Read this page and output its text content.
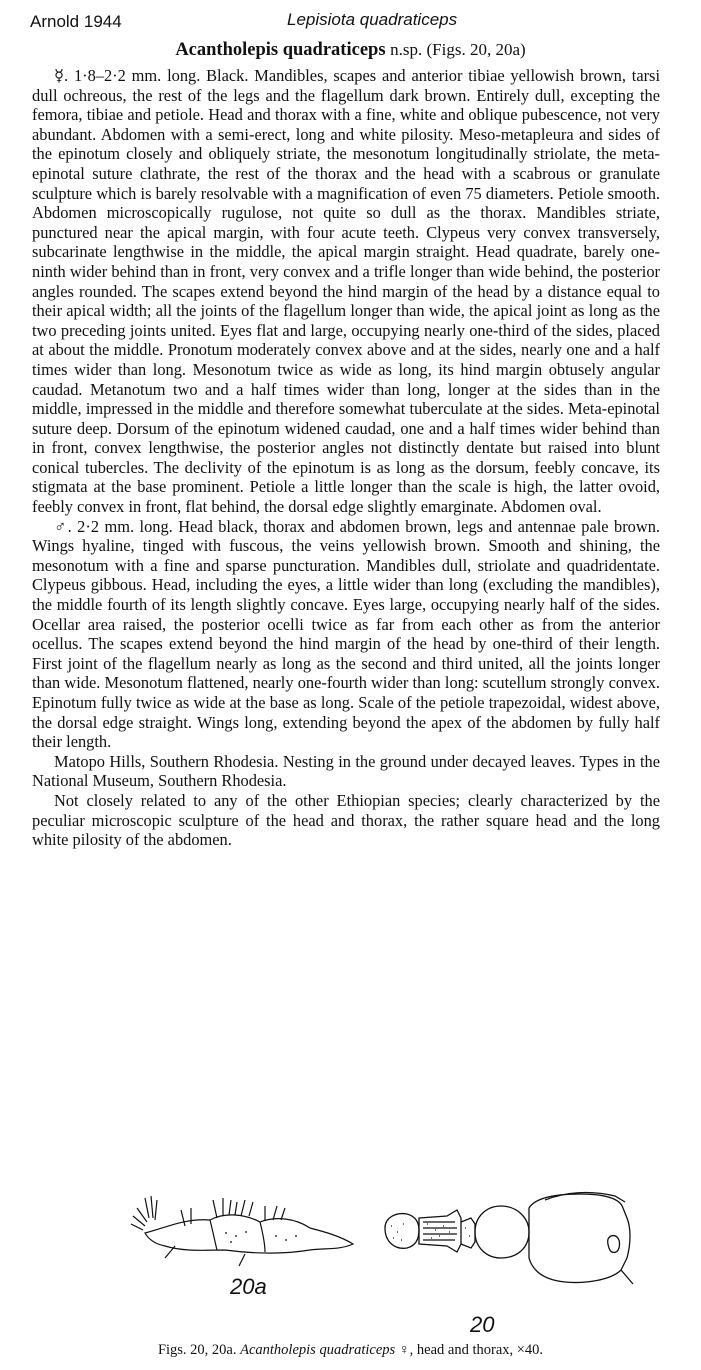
Arnold 1944	Lepisiota quadraticeps
Acantholepis quadraticeps n.sp. (Figs. 20, 20a)

☿. 1·8–2·2 mm. long. Black. Mandibles, scapes and anterior tibiae yellowish brown, tarsi dull ochreous, the rest of the legs and the flagellum dark brown. Entirely dull, excepting the femora, tibiae and petiole. Head and thorax with a fine, white and oblique pubescence, not very abundant. Abdomen with a semi-erect, long and white pilosity. Meso-metapleura and sides of the epinotum closely and obliquely striate, the mesonotum longitudinally striolate, the meta-epinotal suture clathrate, the rest of the thorax and the head with a scabrous or granulate sculpture which is barely resolvable with a magnification of even 75 diameters. Petiole smooth. Abdomen microscopically rugulose, not quite so dull as the thorax. Mandibles striate, punctured near the apical margin, with four acute teeth. Clypeus very convex transversely, subcarinate lengthwise in the middle, the apical margin straight. Head quadrate, barely one-ninth wider behind than in front, very convex and a trifle longer than wide behind, the posterior angles rounded. The scapes extend beyond the hind margin of the head by a distance equal to their apical width; all the joints of the flagellum longer than wide, the apical joint as long as the two preceding joints united. Eyes flat and large, occupying nearly one-third of the sides, placed at about the middle. Pronotum moderately convex above and at the sides, nearly one and a half times wider than long. Mesonotum twice as wide as long, its hind margin obtusely angular caudad. Metanotum two and a half times wider than long, longer at the sides than in the middle, impressed in the middle and therefore somewhat tuberculate at the sides. Meta-epinotal suture deep. Dorsum of the epinotum widened caudad, one and a half times wider behind than in front, convex lengthwise, the posterior angles not distinctly dentate but raised into blunt conical tubercles. The declivity of the epinotum is as long as the dorsum, feebly concave, its stigmata at the base prominent. Petiole a little longer than the scale is high, the latter ovoid, feebly convex in front, flat behind, the dorsal edge slightly emarginate. Abdomen oval.

♂. 2·2 mm. long. Head black, thorax and abdomen brown, legs and antennae pale brown. Wings hyaline, tinged with fuscous, the veins yellowish brown. Smooth and shining, the mesonotum with a fine and sparse puncturation. Mandibles dull, striolate and quadridentate. Clypeus gibbous. Head, including the eyes, a little wider than long (excluding the mandibles), the middle fourth of its length slightly concave. Eyes large, occupying nearly half of the sides. Ocellar area raised, the posterior ocelli twice as far from each other as from the anterior ocellus. The scapes extend beyond the hind margin of the head by one-third of their length. First joint of the flagellum nearly as long as the second and third united, all the joints longer than wide. Mesonotum flattened, nearly one-fourth wider than long: scutellum strongly convex. Epinotum fully twice as wide at the base as long. Scale of the petiole trapezoidal, widest above, the dorsal edge straight. Wings long, extending beyond the apex of the abdomen by fully half their length.

Matopo Hills, Southern Rhodesia. Nesting in the ground under decayed leaves. Types in the National Museum, Southern Rhodesia.

Not closely related to any of the other Ethiopian species; clearly characterized by the peculiar microscopic sculpture of the head and thorax, the rather square head and the long white pilosity of the abdomen.

20a
20
Figs. 20, 20a. Acantholepis quadraticeps ♀, head and thorax, ×40.
